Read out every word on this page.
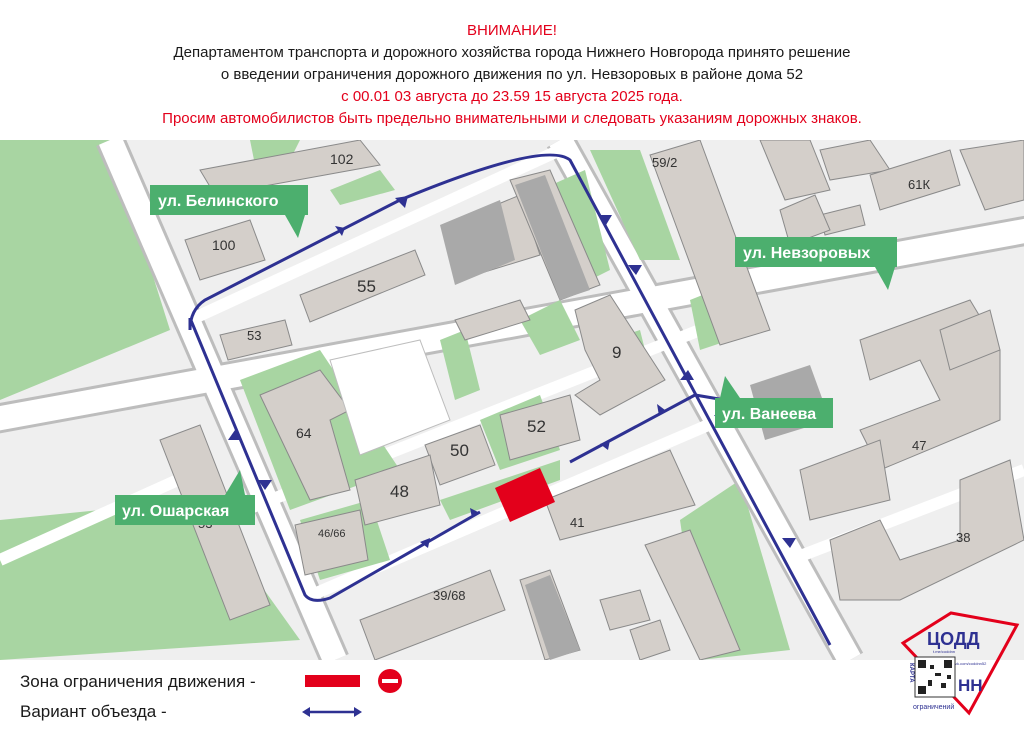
ВНИМАНИЕ!
Департаментом транспорта и дорожного хозяйства города Нижнего Новгорода принято решение
о введении ограничения дорожного движения по ул. Невзоровых в районе дома 52
с 00.01 03 августа до 23.59 15 августа 2025 года.
Просим автомобилистов быть предельно внимательными и следовать указаниям дорожных знаков.
102
100
55
53
64
50
52
48
46/66
41
39/68
59/2
61К
9
47
38
ул. Белинского
ул. Невзоровых
ул. Ванеева
ул. Ошарская
Зона ограничения движения -
Вариант объезда -
ЦОДД
t.me/coddnn
vk.com/coddnn52
КАРТА
НН
ограничений
